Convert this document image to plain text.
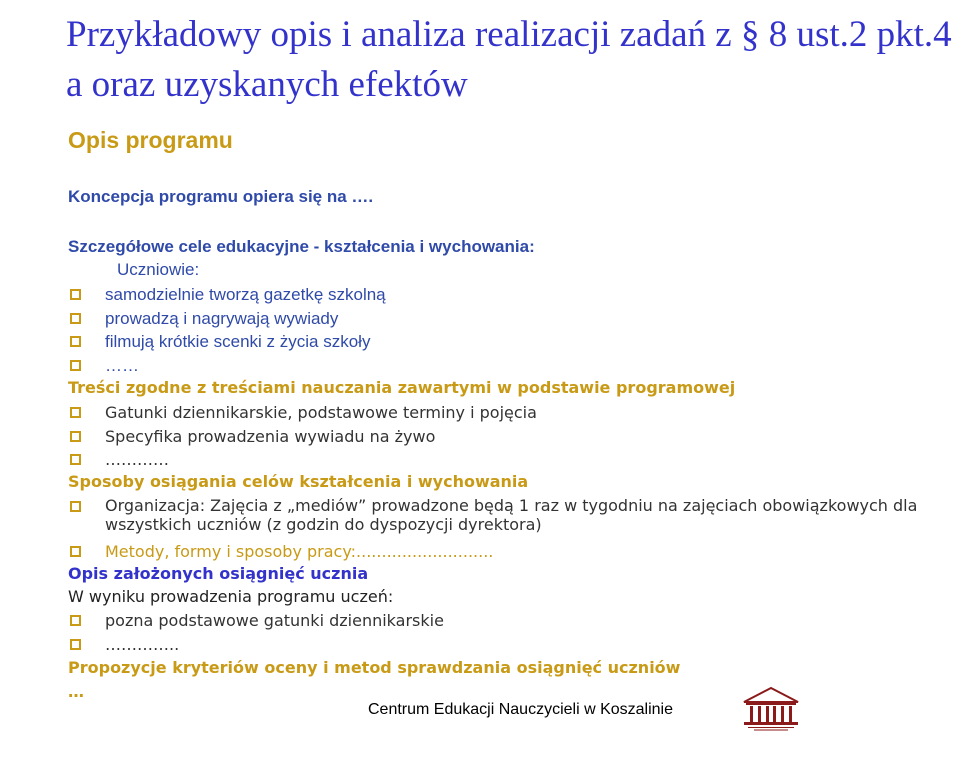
Przykładowy opis i analiza realizacji zadań z § 8 ust.2 pkt.4 a oraz uzyskanych efektów
Opis programu
Koncepcja programu opiera się na ….
Szczegółowe cele edukacyjne - kształcenia i wychowania:
Uczniowie:
samodzielnie tworzą gazetkę szkolną
prowadzą i nagrywają wywiady
filmują krótkie scenki z życia szkoły
……
Treści zgodne z treściami nauczania zawartymi w podstawie programowej
Gatunki dziennikarskie, podstawowe terminy i pojęcia
Specyfika prowadzenia wywiadu na żywo
…………
Sposoby osiągania celów kształcenia i wychowania
Organizacja: Zajęcia z „mediów” prowadzone będą 1 raz w tygodniu na zajęciach obowiązkowych dla wszystkich uczniów (z godzin do dyspozycji dyrektora)
Metody, formy i sposoby pracy:...........................
Opis założonych osiągnięć ucznia
W wyniku prowadzenia programu uczeń:
pozna podstawowe gatunki dziennikarskie
…………..
Propozycje kryteriów oceny i metod sprawdzania osiągnięć uczniów
…
Centrum Edukacji Nauczycieli w Koszalinie
